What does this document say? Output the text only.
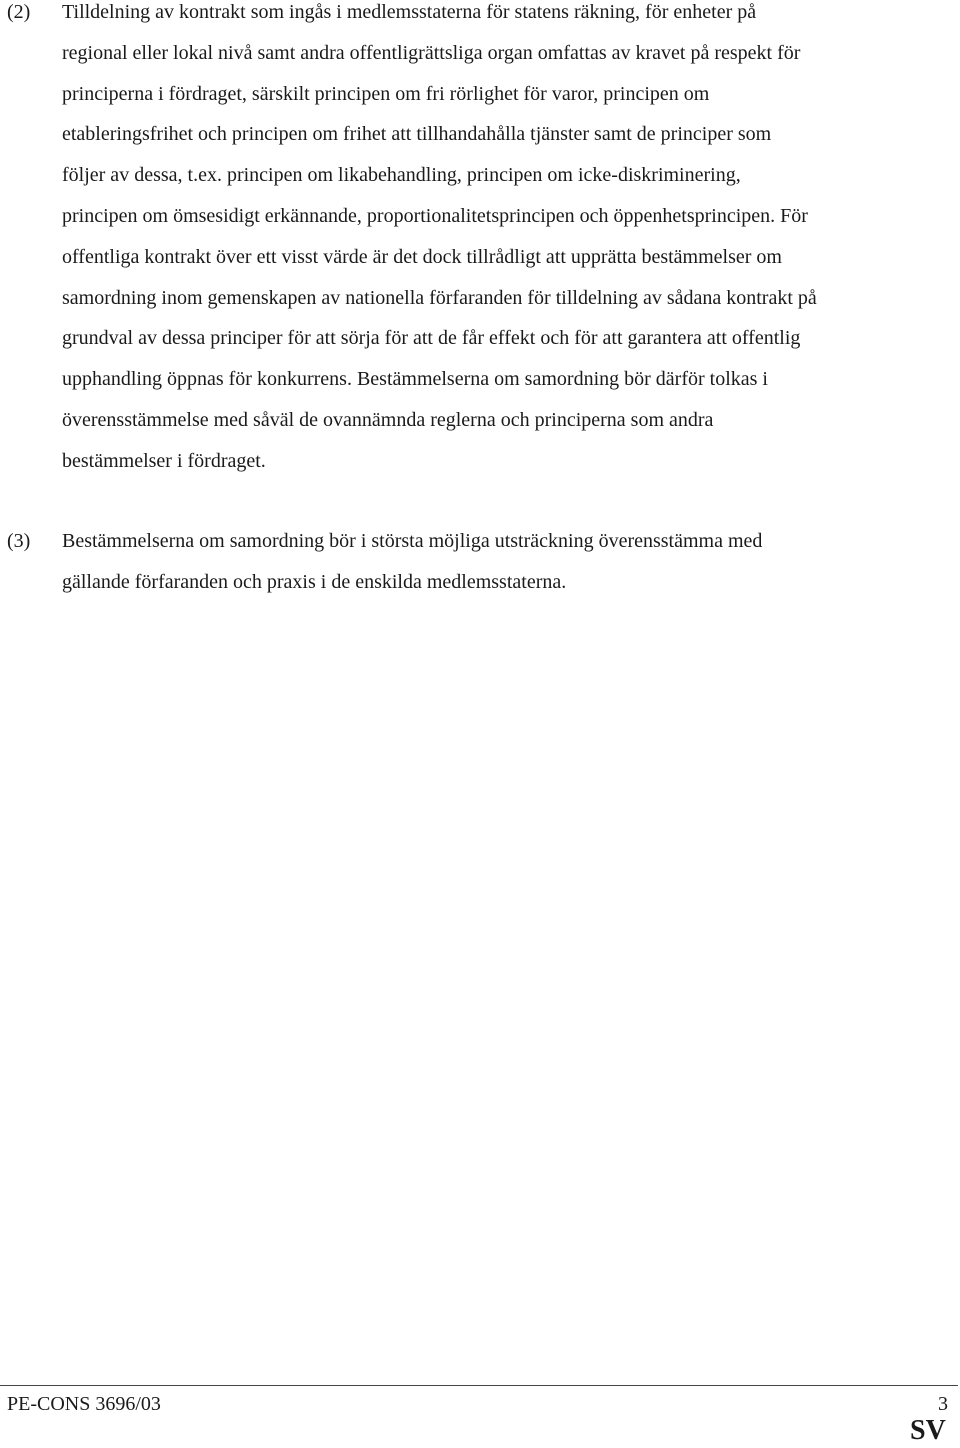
(2) Tilldelning av kontrakt som ingås i medlemsstaterna för statens räkning, för enheter på
regional eller lokal nivå samt andra offentligrättsliga organ omfattas av kravet på respekt för
principerna i fördraget, särskilt principen om fri rörlighet för varor, principen om
etableringsfrihet och principen om frihet att tillhandahålla tjänster samt de principer som
följer av dessa, t.ex. principen om likabehandling, principen om icke-diskriminering,
principen om ömsesidigt erkännande, proportionalitetsprincipen och öppenhetsprincipen. För
offentliga kontrakt över ett visst värde är det dock tillrådligt att upprätta bestämmelser om
samordning inom gemenskapen av nationella förfaranden för tilldelning av sådana kontrakt på
grundval av dessa principer för att sörja för att de får effekt och för att garantera att offentlig
upphandling öppnas för konkurrens. Bestämmelserna om samordning bör därför tolkas i
överensstämmelse med såväl de ovannämnda reglerna och principerna som andra
bestämmelser i fördraget.

(3) Bestämmelserna om samordning bör i största möjliga utsträckning överensstämma med
gällande förfaranden och praxis i de enskilda medlemsstaterna.

PE-CONS 3696/03	3
SV
